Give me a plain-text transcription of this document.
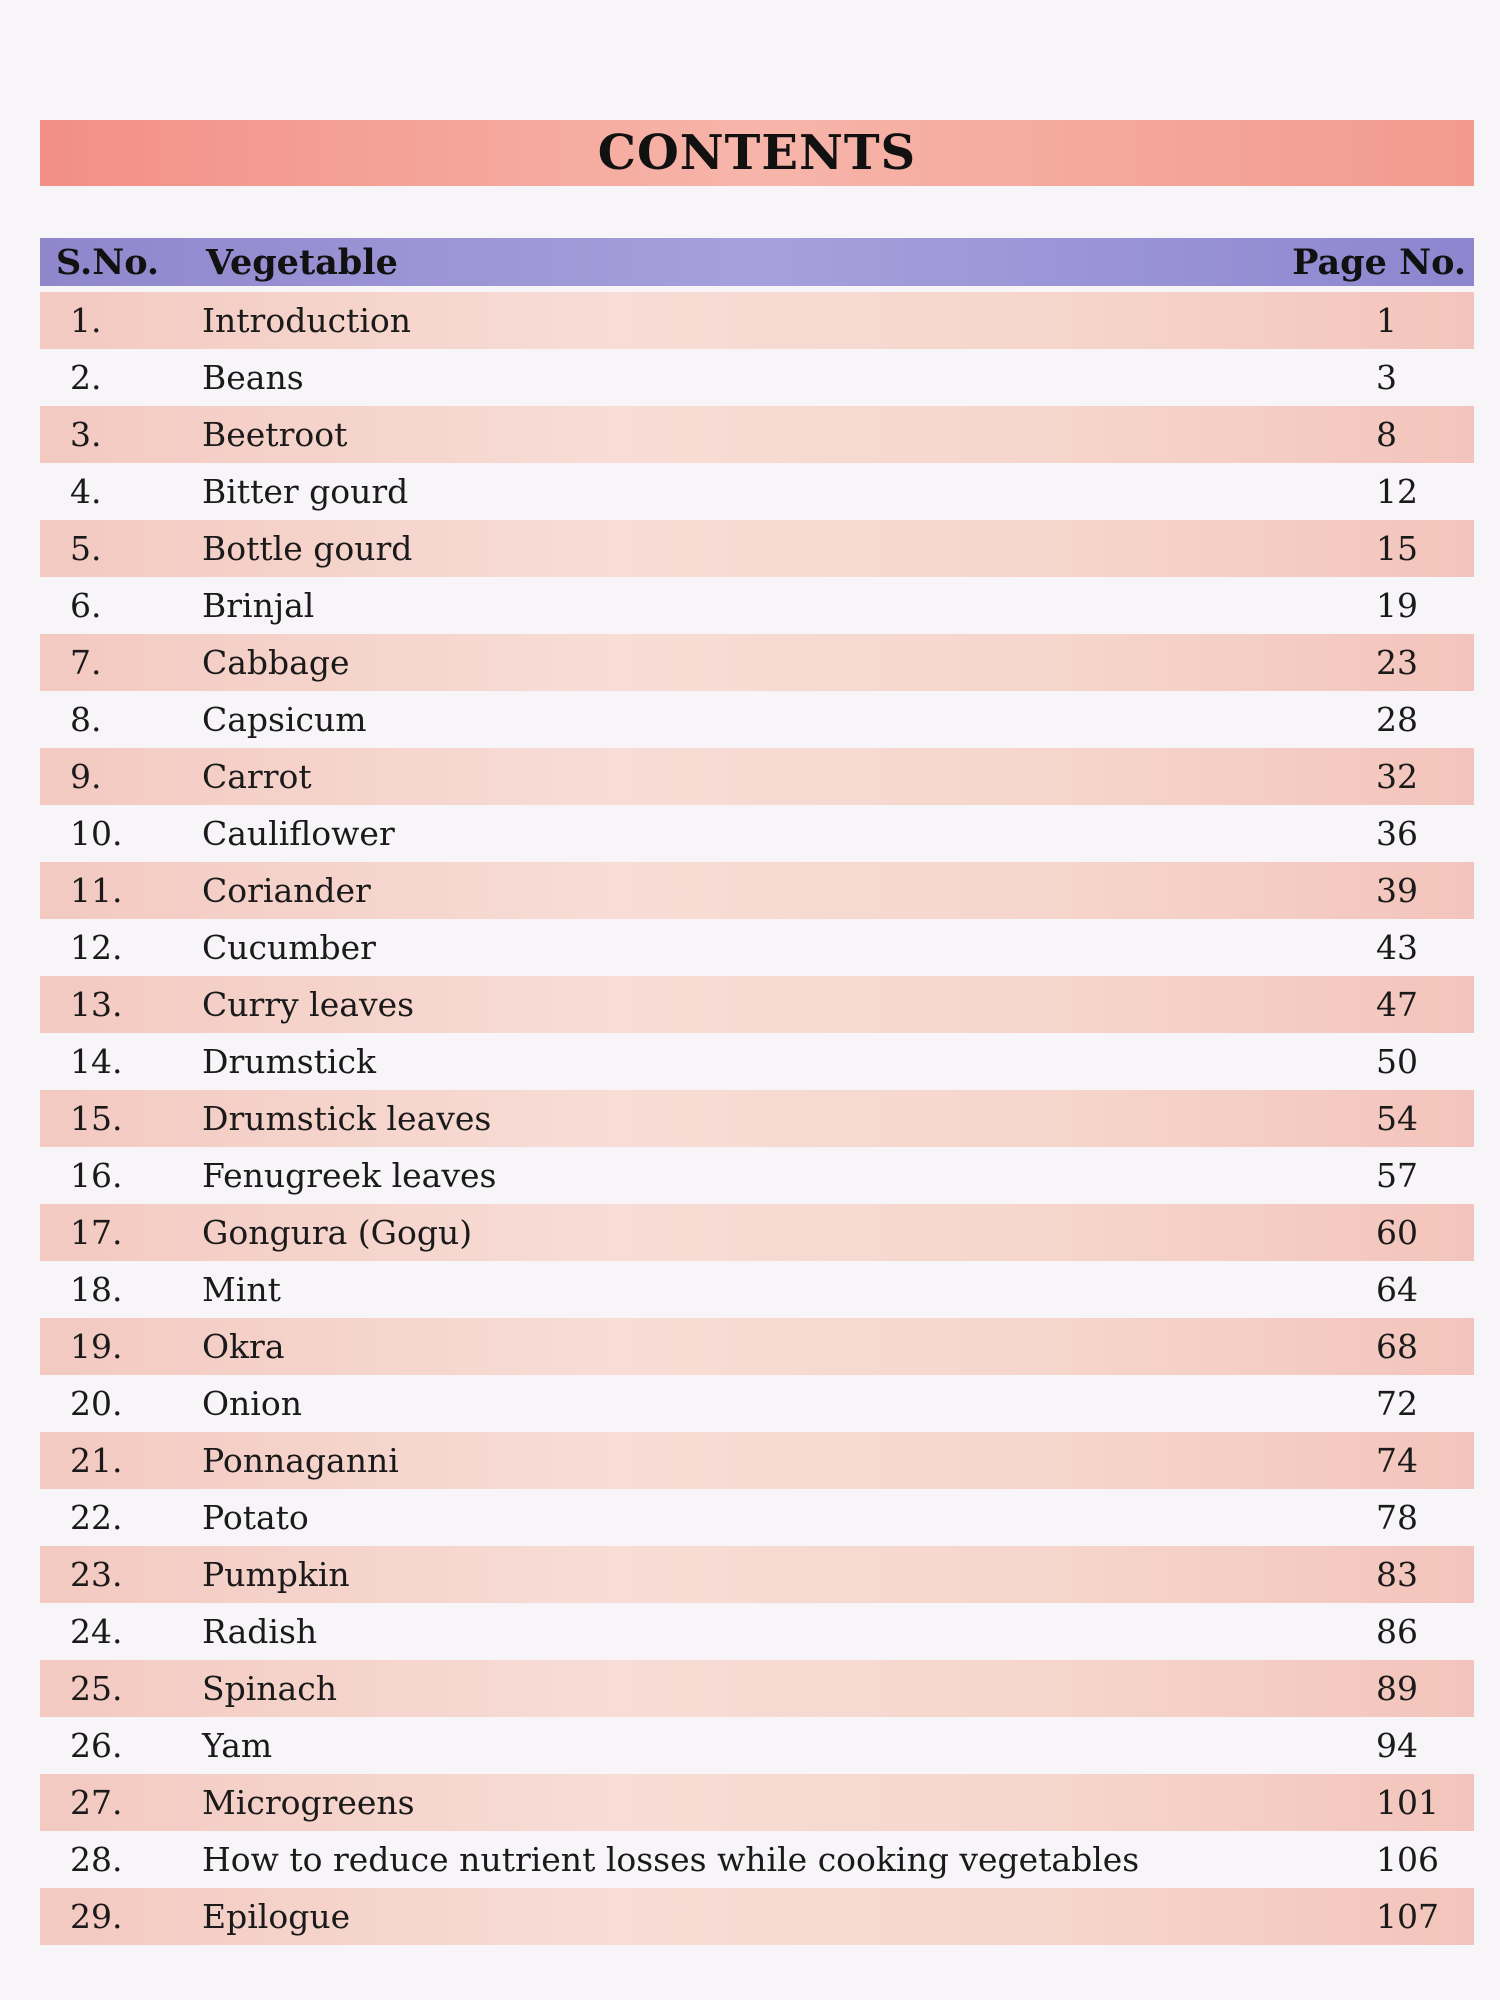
CONTENTS
S.No. Vegetable	Page No.
1.	Introduction	1
2.	Beans	3
3.	Beetroot	8
4.	Bitter gourd	12
5.	Bottle gourd	15
6.	Brinjal	19
7.	Cabbage	23
8.	Capsicum	28
9.	Carrot	32
10. Cauliflower	36
11. Coriander	39
12. Cucumber	43
13. Curry leaves	47
14. Drumstick	50
15. Drumstick leaves	54
16. Fenugreek leaves	57
17. Gongura (Gogu)	60
18. Mint	64
19. Okra	68
20. Onion	72
21. Ponnaganni	74
22. Potato	78
23. Pumpkin	83
24. Radish	86
25. Spinach	89
26. Yam	94
27. Microgreens	101
28. How to reduce nutrient losses while cooking vegetables	106
29. Epilogue	107
